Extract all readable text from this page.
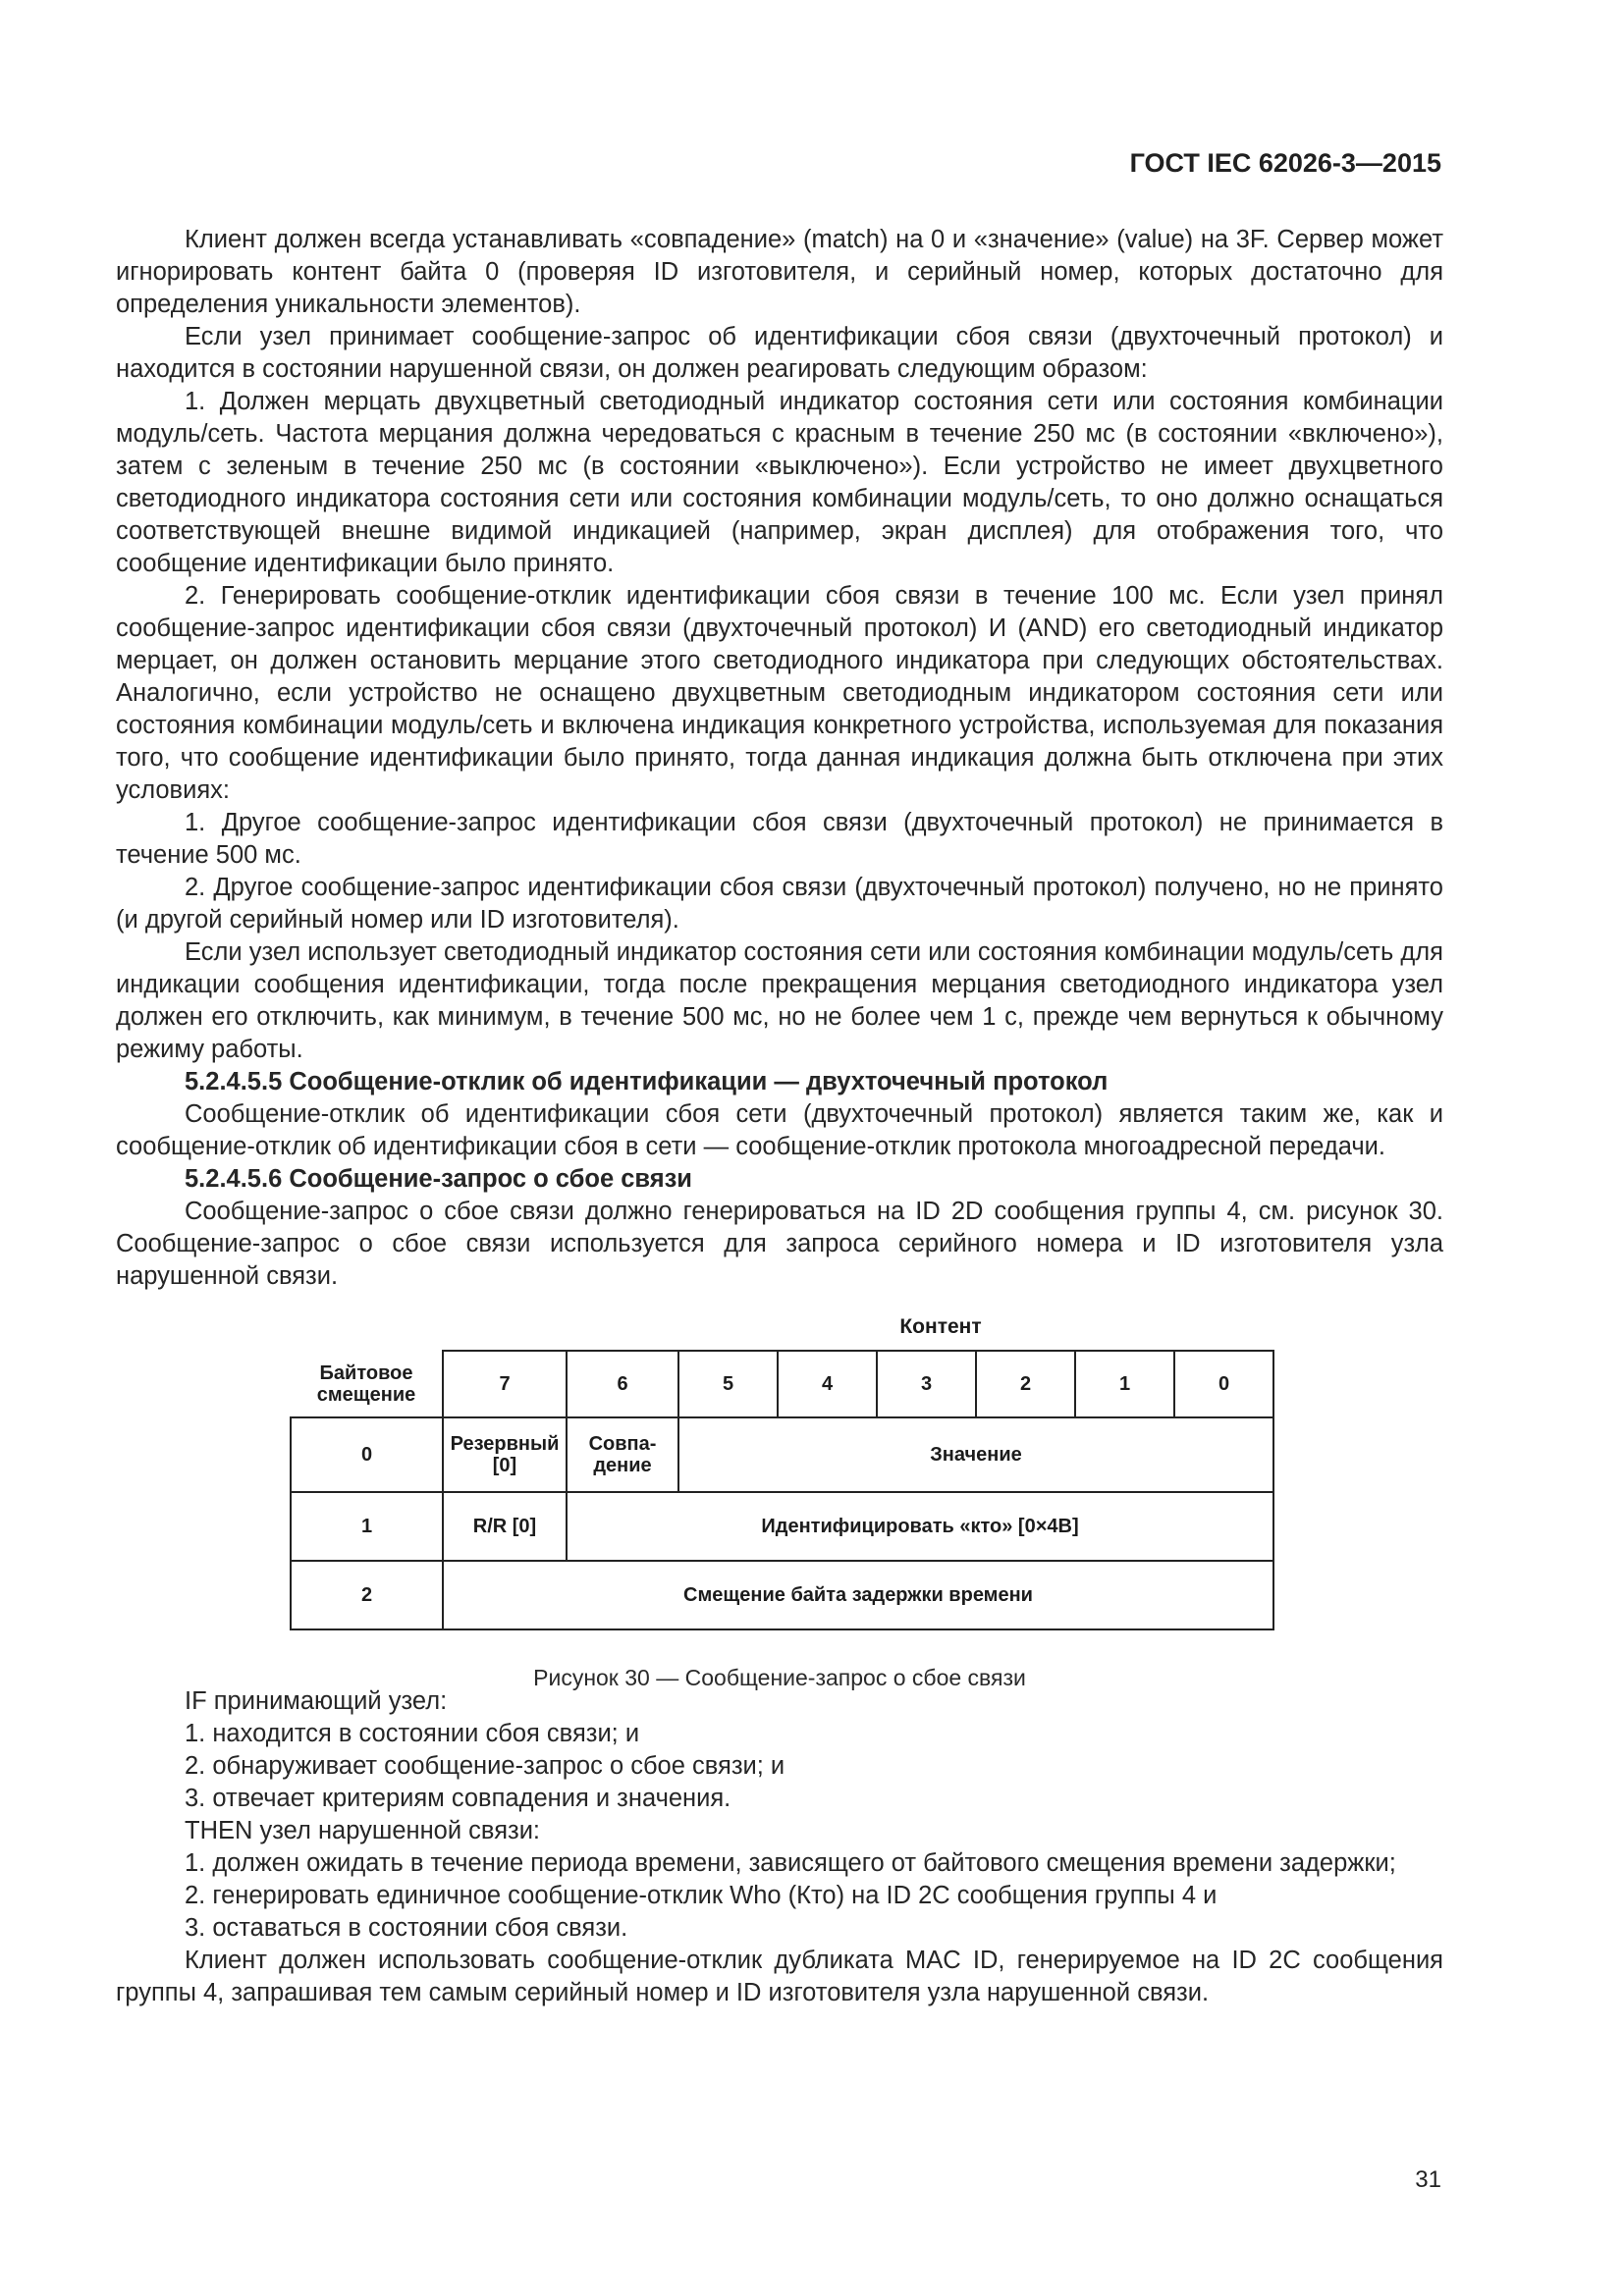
ГОСТ IEC 62026-3—2015

Клиент должен всегда устанавливать «совпадение» (match) на 0 и «значение» (value) на 3F. Сервер может игнорировать контент байта 0 (проверяя ID изготовителя, и серийный номер, которых достаточно для определения уникальности элементов).

Если узел принимает сообщение-запрос об идентификации сбоя связи (двухточечный протокол) и находится в состоянии нарушенной связи, он должен реагировать следующим образом:

1. Должен мерцать двухцветный светодиодный индикатор состояния сети или состояния комбинации модуль/сеть. Частота мерцания должна чередоваться с красным в течение 250 мс (в состоянии «включено»), затем с зеленым в течение 250 мс (в состоянии «выключено»). Если устройство не имеет двухцветного светодиодного индикатора состояния сети или состояния комбинации модуль/сеть, то оно должно оснащаться соответствующей внешне видимой индикацией (например, экран дисплея) для отображения того, что сообщение идентификации было принято.

2. Генерировать сообщение-отклик идентификации сбоя связи в течение 100 мс. Если узел принял сообщение-запрос идентификации сбоя связи (двухточечный протокол) И (AND) его светодиодный индикатор мерцает, он должен остановить мерцание этого светодиодного индикатора при следующих обстоятельствах. Аналогично, если устройство не оснащено двухцветным светодиодным индикатором состояния сети или состояния комбинации модуль/сеть и включена индикация конкретного устройства, используемая для показания того, что сообщение идентификации было принято, тогда данная индикация должна быть отключена при этих условиях:

1. Другое сообщение-запрос идентификации сбоя связи (двухточечный протокол) не принимается в течение 500 мс.

2. Другое сообщение-запрос идентификации сбоя связи (двухточечный протокол) получено, но не принято (и другой серийный номер или ID изготовителя).

Если узел использует светодиодный индикатор состояния сети или состояния комбинации модуль/сеть для индикации сообщения идентификации, тогда после прекращения мерцания светодиодного индикатора узел должен его отключить, как минимум, в течение 500 мс, но не более чем 1 с, прежде чем вернуться к обычному режиму работы.

5.2.4.5.5 Сообщение-отклик об идентификации — двухточечный протокол

Сообщение-отклик об идентификации сбоя сети (двухточечный протокол) является таким же, как и сообщение-отклик об идентификации сбоя в сети — сообщение-отклик протокола многоадресной передачи.

5.2.4.5.6 Сообщение-запрос о сбое связи

Сообщение-запрос о сбое связи должно генерироваться на ID 2D сообщения группы 4, см. рисунок 30. Сообщение-запрос о сбое связи используется для запроса серийного номера и ID изготовителя узла нарушенной связи.

Контент
Байтовое смещение	7	6	5	4	3	2	1	0
0	Резервный [0]	Совпа-дение	Значение					
1	R/R [0]	Идентифицировать «кто» [0×4B]						
2	Смещение байта задержки времени							
Рисунок 30 — Сообщение-запрос о сбое связи

IF принимающий узел:

1. находится в состоянии сбоя связи; и

2. обнаруживает сообщение-запрос о сбое связи; и

3. отвечает критериям совпадения и значения.

THEN узел нарушенной связи:

1. должен ожидать в течение периода времени, зависящего от байтового смещения времени задержки;

2. генерировать единичное сообщение-отклик Who (Кто) на ID 2C сообщения группы 4 и

3. оставаться в состоянии сбоя связи.

Клиент должен использовать сообщение-отклик дубликата MAC ID, генерируемое на ID 2C сообщения группы 4, запрашивая тем самым серийный номер и ID изготовителя узла нарушенной связи.

31
